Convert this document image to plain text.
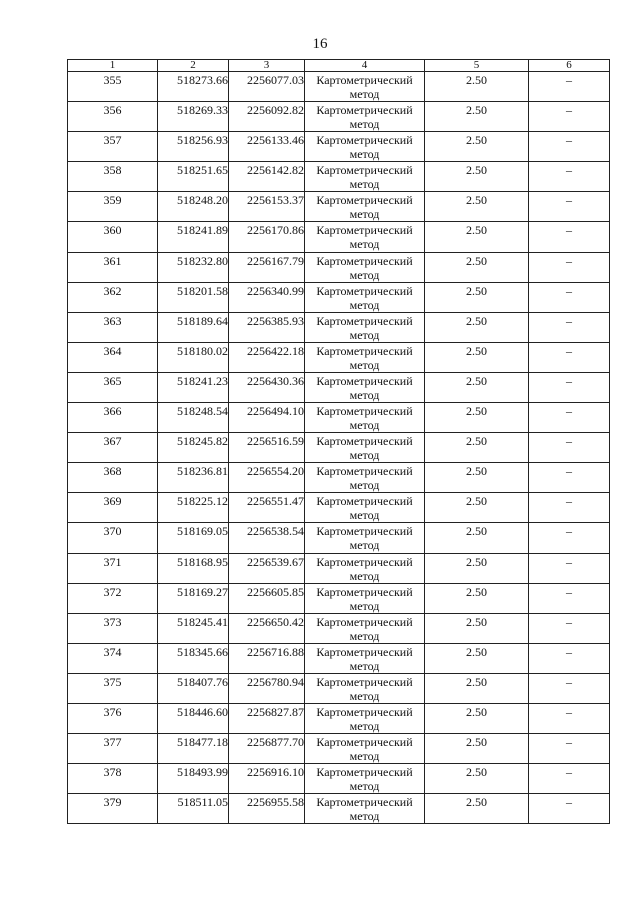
16
1	2	3	4	5	6
355	518273.66	2256077.03	Картометрический метод	2.50	–
356	518269.33	2256092.82	Картометрический метод	2.50	–
357	518256.93	2256133.46	Картометрический метод	2.50	–
358	518251.65	2256142.82	Картометрический метод	2.50	–
359	518248.20	2256153.37	Картометрический метод	2.50	–
360	518241.89	2256170.86	Картометрический метод	2.50	–
361	518232.80	2256167.79	Картометрический метод	2.50	–
362	518201.58	2256340.99	Картометрический метод	2.50	–
363	518189.64	2256385.93	Картометрический метод	2.50	–
364	518180.02	2256422.18	Картометрический метод	2.50	–
365	518241.23	2256430.36	Картометрический метод	2.50	–
366	518248.54	2256494.10	Картометрический метод	2.50	–
367	518245.82	2256516.59	Картометрический метод	2.50	–
368	518236.81	2256554.20	Картометрический метод	2.50	–
369	518225.12	2256551.47	Картометрический метод	2.50	–
370	518169.05	2256538.54	Картометрический метод	2.50	–
371	518168.95	2256539.67	Картометрический метод	2.50	–
372	518169.27	2256605.85	Картометрический метод	2.50	–
373	518245.41	2256650.42	Картометрический метод	2.50	–
374	518345.66	2256716.88	Картометрический метод	2.50	–
375	518407.76	2256780.94	Картометрический метод	2.50	–
376	518446.60	2256827.87	Картометрический метод	2.50	–
377	518477.18	2256877.70	Картометрический метод	2.50	–
378	518493.99	2256916.10	Картометрический метод	2.50	–
379	518511.05	2256955.58	Картометрический метод	2.50	–
